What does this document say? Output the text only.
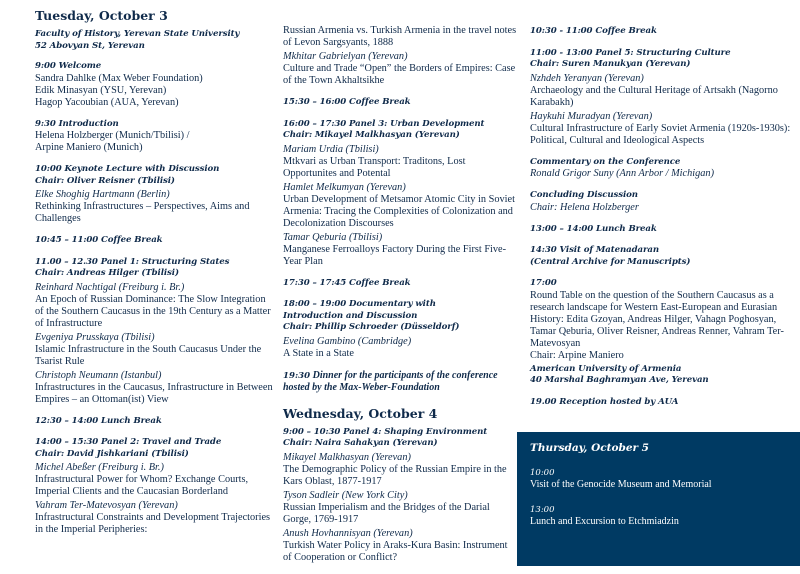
Tuesday, October 3
Faculty of History, Yerevan State University
52 Abovyan St, Yerevan
9:00 Welcome
Sandra Dahlke (Max Weber Foundation)
Edik Minasyan (YSU, Yerevan)
Hagop Yacoubian (AUA, Yerevan)
9:30 Introduction
Helena Holzberger (Munich/Tbilisi) /
Arpine Maniero (Munich)
10:00 Keynote Lecture with Discussion
Chair: Oliver Reisner (Tbilisi)
Elke Shoghig Hartmann (Berlin)
Rethinking Infrastructures – Perspectives, Aims and Challenges
10:45 – 11:00 Coffee Break
11.00 – 12.30 Panel 1: Structuring States
Chair: Andreas Hilger (Tbilisi)
Reinhard Nachtigal (Freiburg i. Br.)
An Epoch of Russian Dominance: The Slow Integration of the Southern Caucasus in the 19th Century as a Matter of Infrastructure
Evgeniya Prusskaya (Tbilisi)
Islamic Infrastructure in the South Caucasus Under the Tsarist Rule
Christoph Neumann (Istanbul)
Infrastructures in the Caucasus, Infrastructure in Between Empires – an Ottoman(ist) View
12:30 – 14:00 Lunch Break
14:00 – 15:30 Panel 2: Travel and Trade
Chair: David Jishkariani (Tbilisi)
Michel Abeßer (Freiburg i. Br.)
Infrastructural Power for Whom? Exchange Courts, Imperial Clients and the Caucasian Borderland
Vahram Ter-Matevosyan (Yerevan)
Infrastructural Constraints and Development Trajectories in the Imperial Peripheries:
Russian Armenia vs. Turkish Armenia in the travel notes of Levon Sargsyants, 1888
Mkhitar Gabrielyan (Yerevan)
Culture and Trade “Open” the Borders of Empires: Case of the Town Akhaltsikhe
15:30 – 16:00 Coffee Break
16:00 – 17:30 Panel 3: Urban Development
Chair: Mikayel Malkhasyan (Yerevan)
Mariam Urdia (Tbilisi)
Mtkvari as Urban Transport: Traditons, Lost Opportunites and Potental
Hamlet Melkumyan (Yerevan)
Urban Development of Metsamor Atomic City in Soviet Armenia: Tracing the Complexities of Colonization and Decolonization Discourses
Tamar Qeburia (Tbilisi)
Manganese Ferroalloys Factory During the First Five-Year Plan
17:30 – 17:45 Coffee Break
18:00 – 19:00 Documentary with
Introduction and Discussion
Chair: Phillip Schroeder (Düsseldorf)
Evelina Gambino (Cambridge)
A State in a State
19:30 Dinner for the participants of the conference hosted by the Max-Weber-Foundation
Wednesday, October 4
9:00 – 10:30 Panel 4: Shaping Environment
Chair: Naira Sahakyan (Yerevan)
Mikayel Malkhasyan (Yerevan)
The Demographic Policy of the Russian Empire in the Kars Oblast, 1877-1917
Tyson Sadleir (New York City)
Russian Imperialism and the Bridges of the Darial Gorge, 1769-1917
Anush Hovhannisyan (Yerevan)
Turkish Water Policy in Araks-Kura Basin: Instrument of Cooperation or Conflict?
10:30 - 11:00 Coffee Break
11:00 - 13:00 Panel 5: Structuring Culture
Chair: Suren Manukyan (Yerevan)
Nzhdeh Yeranyan (Yerevan)
Archaeology and the Cultural Heritage of Artsakh (Nagorno Karabakh)
Haykuhi Muradyan (Yerevan)
Cultural Infrastructure of Early Soviet Armenia (1920s-1930s): Political, Cultural and Ideological Aspects
Commentary on the Conference
Ronald Grigor Suny (Ann Arbor / Michigan)
Concluding Discussion
Chair: Helena Holzberger
13:00 – 14:00 Lunch Break
14:30 Visit of Matenadaran
(Central Archive for Manuscripts)
17:00
Round Table on the question of the Southern Caucasus as a research landscape for Western East-European and Eurasian History: Edita Gzoyan, Andreas Hilger, Vahagn Poghosyan, Tamar Qeburia, Oliver Reisner, Andreas Renner, Vahram Ter-Matevosyan
Chair: Arpine Maniero
American University of Armenia
40 Marshal Baghramyan Ave, Yerevan
19.00 Reception hosted by AUA
Thursday, October 5
10:00
Visit of the Genocide Museum and Memorial
13:00
Lunch and Excursion to Etchmiadzin
